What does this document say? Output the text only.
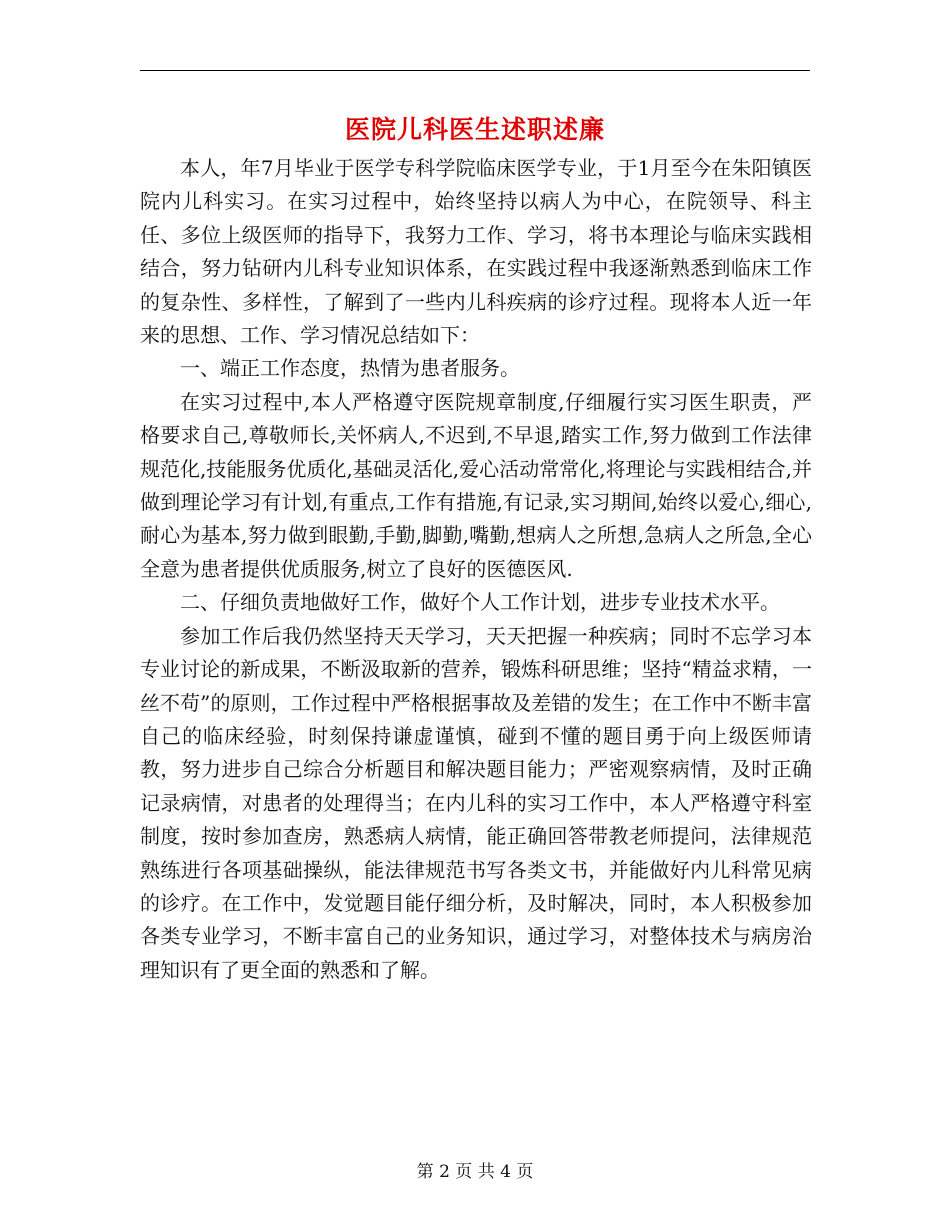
医院儿科医生述职述廉

本人，年7月毕业于医学专科学院临床医学专业，于1月至今在朱阳镇医院内儿科实习。在实习过程中，始终坚持以病人为中心，在院领导、科主任、多位上级医师的指导下，我努力工作、学习，将书本理论与临床实践相结合，努力钻研内儿科专业知识体系，在实践过程中我逐渐熟悉到临床工作的复杂性、多样性，了解到了一些内儿科疾病的诊疗过程。现将本人近一年来的思想、工作、学习情况总结如下：

一、端正工作态度，热情为患者服务。

在实习过程中,本人严格遵守医院规章制度,仔细履行实习医生职责，严格要求自己,尊敬师长,关怀病人,不迟到,不早退,踏实工作,努力做到工作法律规范化,技能服务优质化,基础灵活化,爱心活动常常化,将理论与实践相结合,并做到理论学习有计划,有重点,工作有措施,有记录,实习期间,始终以爱心,细心,耐心为基本,努力做到眼勤,手勤,脚勤,嘴勤,想病人之所想,急病人之所急,全心全意为患者提供优质服务,树立了良好的医德医风.

二、仔细负责地做好工作，做好个人工作计划，进步专业技术水平。

参加工作后我仍然坚持天天学习，天天把握一种疾病；同时不忘学习本专业讨论的新成果，不断汲取新的营养，锻炼科研思维；坚持“精益求精，一丝不苟”的原则，工作过程中严格根据事故及差错的发生；在工作中不断丰富自己的临床经验，时刻保持谦虚谨慎，碰到不懂的题目勇于向上级医师请教，努力进步自己综合分析题目和解决题目能力；严密观察病情，及时正确记录病情，对患者的处理得当；在内儿科的实习工作中，本人严格遵守科室制度，按时参加查房，熟悉病人病情，能正确回答带教老师提问，法律规范熟练进行各项基础操纵，能法律规范书写各类文书，并能做好内儿科常见病的诊疗。在工作中，发觉题目能仔细分析，及时解决，同时，本人积极参加各类专业学习，不断丰富自己的业务知识，通过学习，对整体技术与病房治理知识有了更全面的熟悉和了解。

第 2 页 共 4 页
